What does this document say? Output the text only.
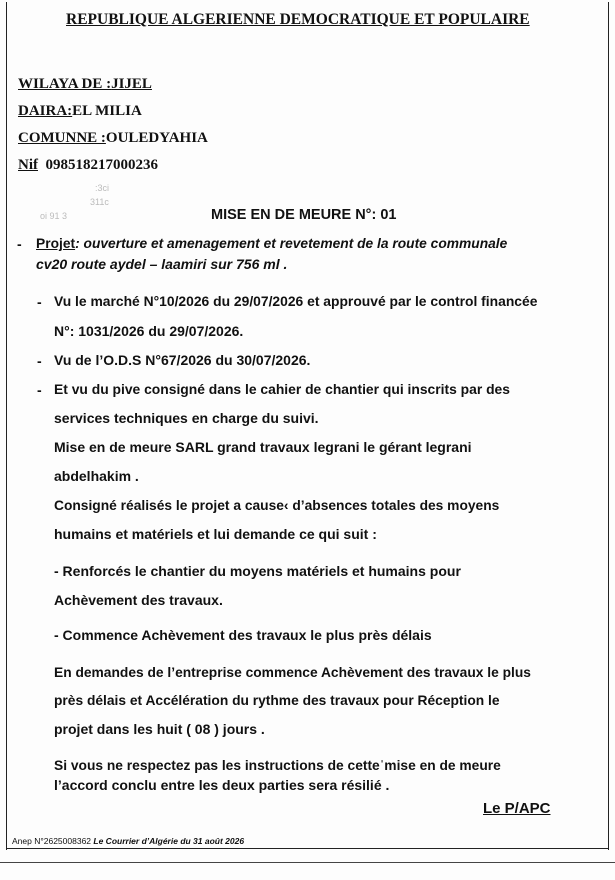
:3ci
311c
oi 91 3
REPUBLIQUE ALGERIENNE DEMOCRATIQUE ET POPULAIRE
WILAYA DE :JIJEL
DAIRA:EL MILIA
COMUNNE :OULEDYAHIA
Nif 098518217000236
MISE EN DE MEURE N°: 01
- Projet: ouverture et amenagement et revetement de la route communale
cv20 route aydel – laamiri sur 756 ml .
- Vu le marché N°10/2026 du 29/07/2026 et approuvé par le control financée
N°: 1031/2026 du 29/07/2026.
- Vu de l’O.D.S N°67/2026 du 30/07/2026.
- Et vu du pive consigné dans le cahier de chantier qui inscrits par des
services techniques en charge du suivi.
Mise en de meure SARL grand travaux legrani le gérant legrani
abdelhakim .
Consigné réalisés le projet a cause‹ d’absences totales des moyens
humains et matériels et lui demande ce qui suit :
- Renforcés le chantier du moyens matériels et humains pour
Achèvement des travaux.
- Commence Achèvement des travaux le plus près délais
En demandes de l’entreprise commence Achèvement des travaux le plus
près délais et Accélération du rythme des travaux pour Réception le
projet dans les huit ( 08 ) jours .
Si vous ne respectez pas les instructions de cetteˈmise en de meure
l’accord conclu entre les deux parties sera résilié .
Le P/APC
Anep N°2625008362 Le Courrier d’Algérie du 31 août 2026
